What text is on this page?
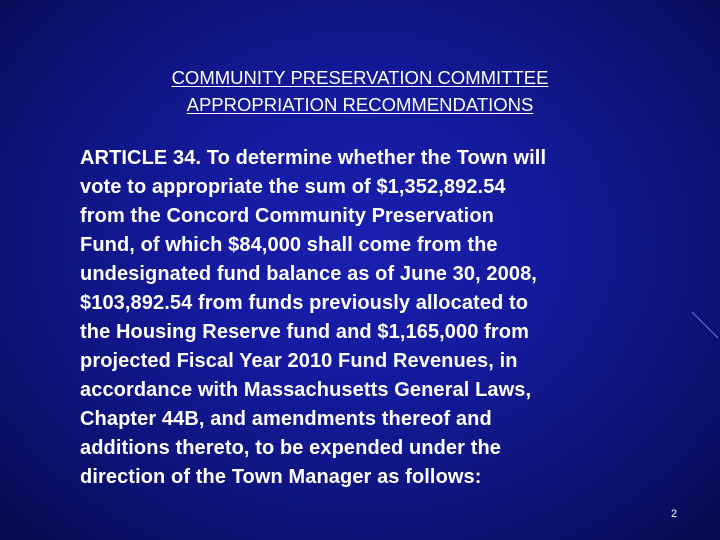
COMMUNITY PRESERVATION COMMITTEE
APPROPRIATION RECOMMENDATIONS
ARTICLE 34. To determine whether the Town will
vote to appropriate the sum of $1,352,892.54
from the Concord Community Preservation
Fund, of which $84,000 shall come from the
undesignated fund balance as of June 30, 2008,
$103,892.54 from funds previously allocated to
the Housing Reserve fund and $1,165,000 from
projected Fiscal Year 2010 Fund Revenues, in
accordance with Massachusetts General Laws,
Chapter 44B, and amendments thereof and
additions thereto, to be expended under the
direction of the Town Manager as follows:
2
